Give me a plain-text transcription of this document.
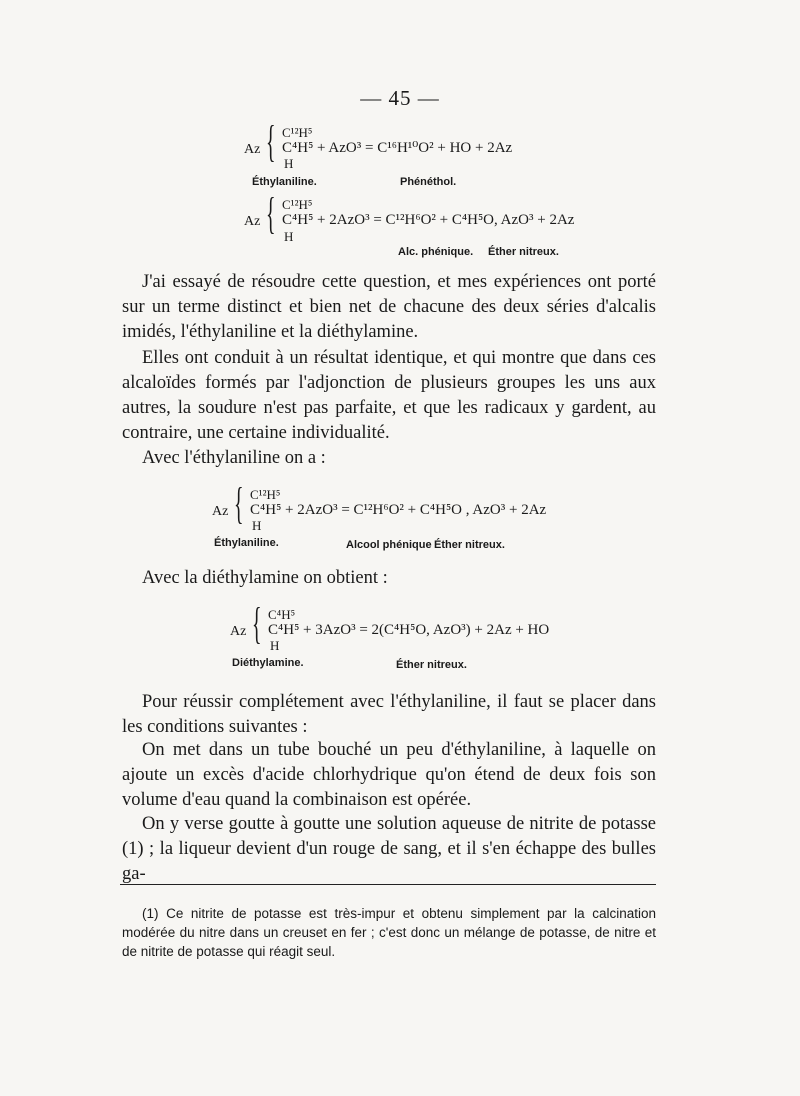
— 45 —
Az { C¹²H⁵
C⁴H⁵ + AzO³ = C¹⁶H¹⁰O² + HO + 2Az
H
Éthylaniline.	Phénéthol.
Az { C¹²H⁵
C⁴H⁵ + 2AzO³ = C¹²H⁶O² + C⁴H⁵O, AzO³ + 2Az
H
Alc. phénique. Éther nitreux.

J'ai essayé de résoudre cette question, et mes expériences ont porté sur un terme distinct et bien net de chacune des deux séries d'alcalis imidés, l'éthylaniline et la diéthylamine.

Elles ont conduit à un résultat identique, et qui montre que dans ces alcaloïdes formés par l'adjonction de plusieurs groupes les uns aux autres, la soudure n'est pas parfaite, et que les radicaux y gardent, au contraire, une certaine individualité.

Avec l'éthylaniline on a :

Az { C¹²H⁵
C⁴H⁵ + 2AzO³ = C¹²H⁶O² + C⁴H⁵O , AzO³ + 2Az
H
Éthylaniline.	Alcool phénique Éther nitreux.

Avec la diéthylamine on obtient :

Az { C⁴H⁵
C⁴H⁵ + 3AzO³ = 2(C⁴H⁵O, AzO³) + 2Az + HO
H
Diéthylamine.	Éther nitreux.

Pour réussir complétement avec l'éthylaniline, il faut se placer dans les conditions suivantes :

On met dans un tube bouché un peu d'éthylaniline, à laquelle on ajoute un excès d'acide chlorhydrique qu'on étend de deux fois son volume d'eau quand la combinaison est opérée.

On y verse goutte à goutte une solution aqueuse de nitrite de potasse (1) ; la liqueur devient d'un rouge de sang, et il s'en échappe des bulles ga-

(1) Ce nitrite de potasse est très-impur et obtenu simplement par la calcination modérée du nitre dans un creuset en fer ; c'est donc un mélange de potasse, de nitre et de nitrite de potasse qui réagit seul.
